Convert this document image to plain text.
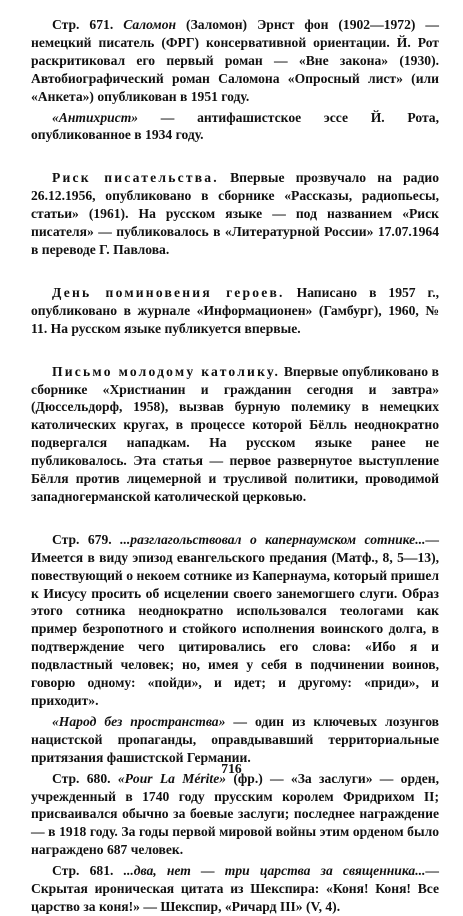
Стр. 671. Саломон (Заломон) Эрнст фон (1902—1972) — немецкий писатель (ФРГ) консервативной ориентации. Й. Рот раскритиковал его первый роман — «Вне закона» (1930). Автобиографический роман Саломона «Опросный лист» (или «Анкета») опубликован в 1951 году.

«Антихрист» — антифашистское эссе Й. Рота, опубликованное в 1934 году.

Риск писательства. Впервые прозвучало на радио 26.12.1956, опубликовано в сборнике «Рассказы, радиопьесы, статьи» (1961). На русском языке — под названием «Риск писателя» — публиковалось в «Литературной России» 17.07.1964 в переводе Г. Павлова.

День поминовения героев. Написано в 1957 г., опубликовано в журнале «Информационен» (Гамбург), 1960, № 11. На русском языке публикуется впервые.

Письмо молодому католику. Впервые опубликовано в сборнике «Христианин и гражданин сегодня и завтра» (Дюссельдорф, 1958), вызвав бурную полемику в немецких католических кругах, в процессе которой Бёлль неоднократно подвергался нападкам. На русском языке ранее не публиковалось. Эта статья — первое развернутое выступление Бёлля против лицемерной и трусливой политики, проводимой западногерманской католической церковью.

Стр. 679. ...разглагольствовал о капернаумском сотнике...— Имеется в виду эпизод евангельского предания (Матф., 8, 5—13), повествующий о некоем сотнике из Капернаума, который пришел к Иисусу просить об исцелении своего занемогшего слуги. Образ этого сотника неоднократно использовался теологами как пример безропотного и стойкого исполнения воинского долга, в подтверждение чего цитировались его слова: «Ибо я и подвластный человек; но, имея у себя в подчинении воинов, говорю одному: «пойди», и идет; и другому: «приди», и приходит».

«Народ без пространства» — один из ключевых лозунгов нацистской пропаганды, оправдывавший территориальные притязания фашистской Германии.

Стр. 680. «Pour La Mérite» (фр.) — «За заслуги» — орден, учрежденный в 1740 году прусским королем Фридрихом II; присваивался обычно за боевые заслуги; последнее награждение — в 1918 году. За годы первой мировой войны этим орденом было награждено 687 человек.

Стр. 681. ...два, нет — три царства за священника...— Скрытая ироническая цитата из Шекспира: «Коня! Коня! Все царство за коня!» — Шекспир, «Ричард III» (V, 4).

716
